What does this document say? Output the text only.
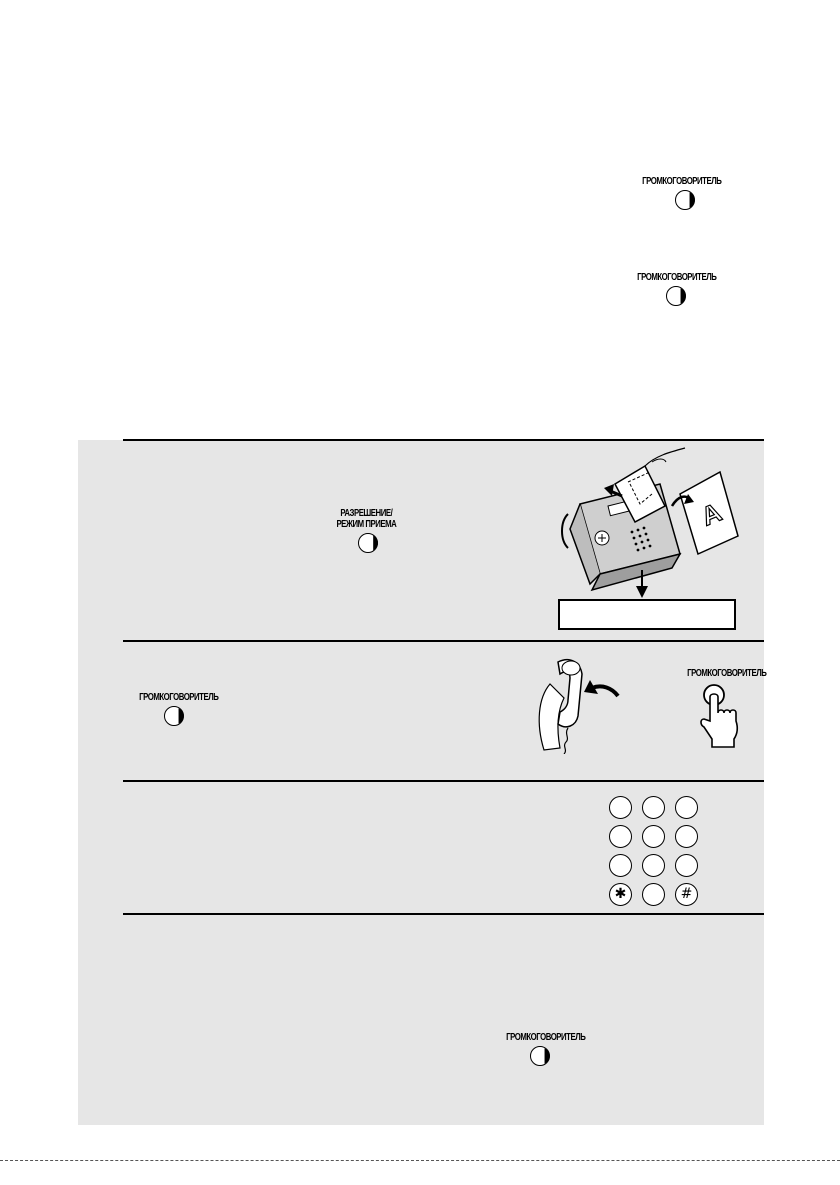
ГРОМКОГОВОРИТЕЛЬ
ГРОМКОГОВОРИТЕЛЬ
РАЗРЕШЕНИЕ/
РЕЖИМ ПРИЕМА	A
ГРОМКОГОВОРИТЕЛЬ
ГРОМКОГОВОРИТЕЛЬ
✱	#
ГРОМКОГОВОРИТЕЛЬ
